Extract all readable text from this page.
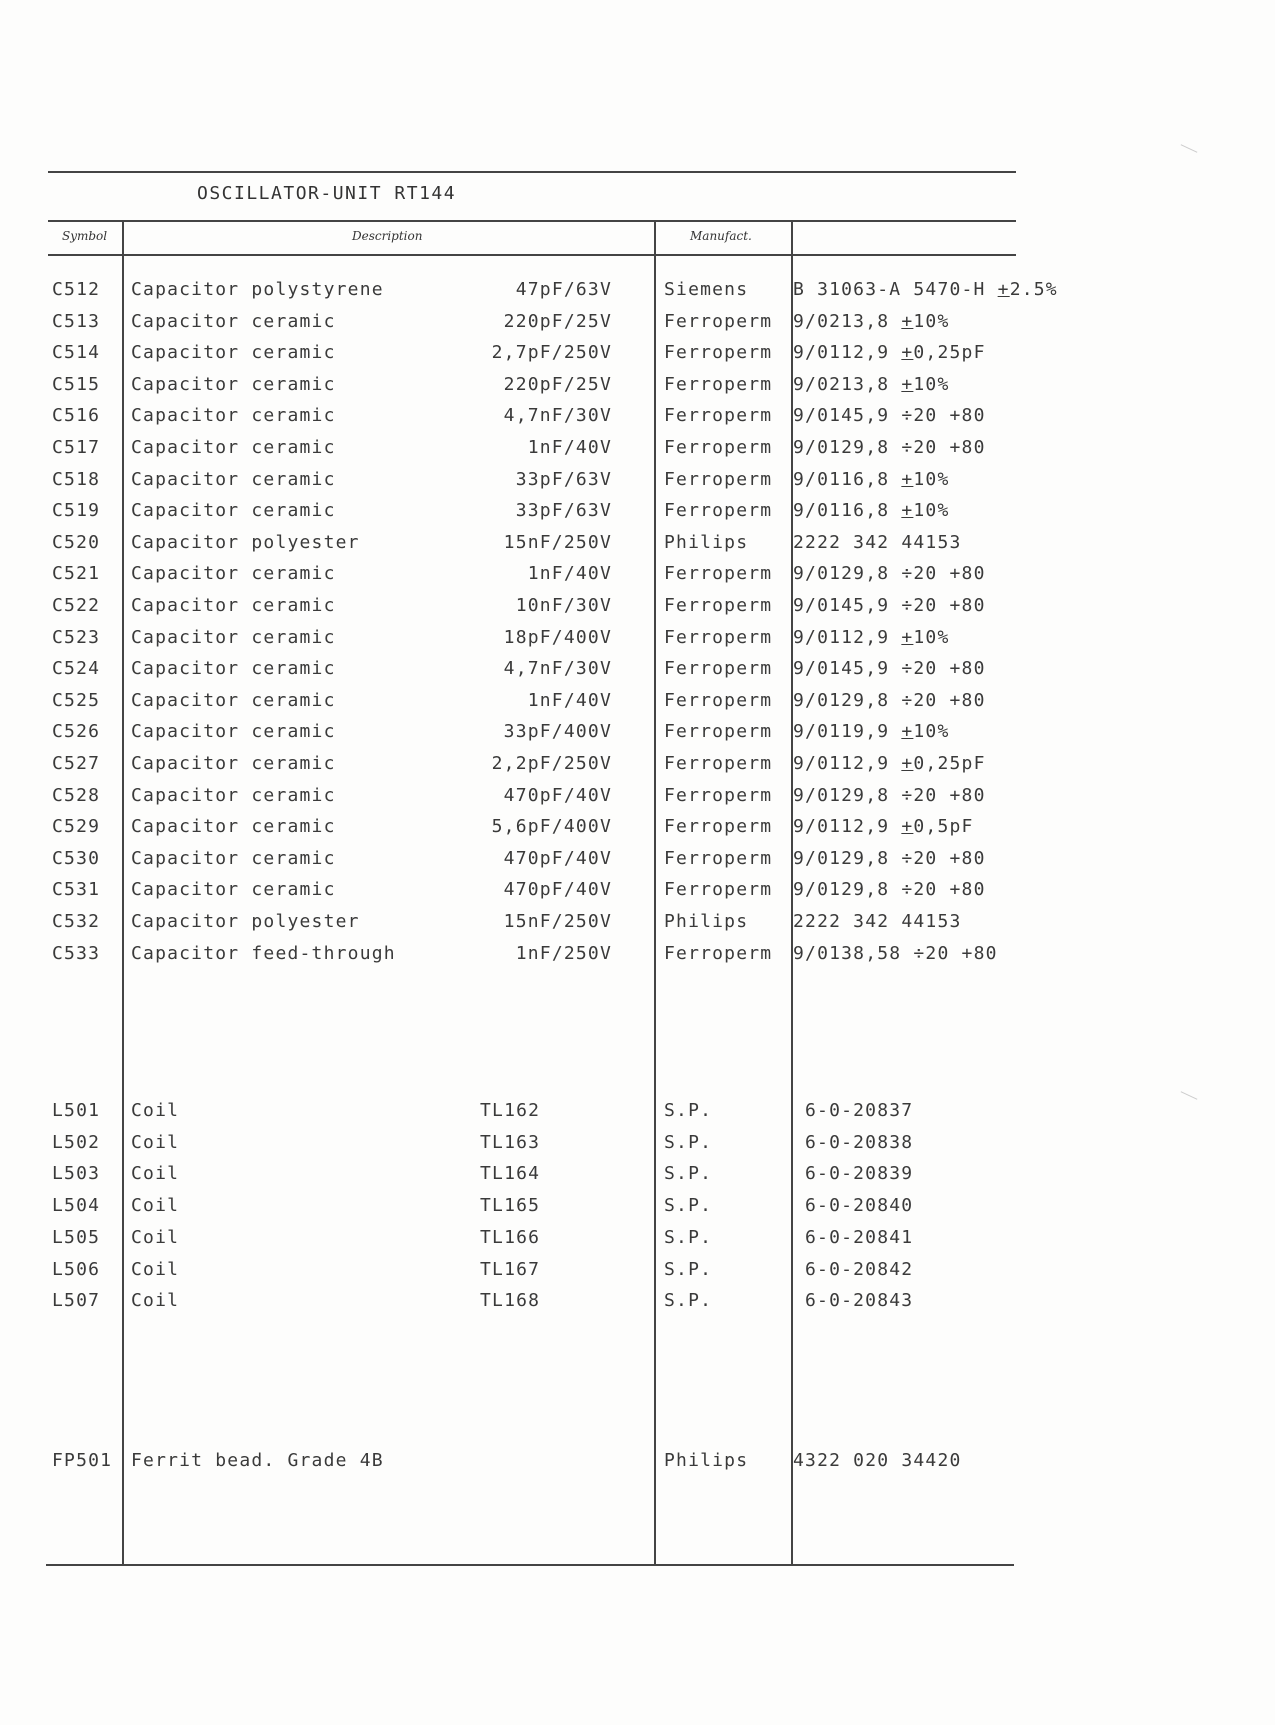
OSCILLATOR-UNIT RT144
Symbol	Description	Manufact.
C512 Capacitor polystyrene	47pF/63V	Siemens B 31063-A 5470-H +2.5%
C513 Capacitor ceramic	220pF/25V	Ferroperm 9/0213,8 +10%
C514 Capacitor ceramic	2,7pF/250V	Ferroperm 9/0112,9 +0,25pF
C515 Capacitor ceramic	220pF/25V	Ferroperm 9/0213,8 +10%
C516 Capacitor ceramic	4,7nF/30V	Ferroperm 9/0145,9 ÷20 +80
C517 Capacitor ceramic	1nF/40V	Ferroperm 9/0129,8 ÷20 +80
C518 Capacitor ceramic	33pF/63V	Ferroperm 9/0116,8 +10%
C519 Capacitor ceramic	33pF/63V	Ferroperm 9/0116,8 +10%
C520 Capacitor polyester	15nF/250V	Philips 2222 342 44153
C521 Capacitor ceramic	1nF/40V	Ferroperm 9/0129,8 ÷20 +80
C522 Capacitor ceramic	10nF/30V	Ferroperm 9/0145,9 ÷20 +80
C523 Capacitor ceramic	18pF/400V	Ferroperm 9/0112,9 +10%
C524 Capacitor ceramic	4,7nF/30V	Ferroperm 9/0145,9 ÷20 +80
C525 Capacitor ceramic	1nF/40V	Ferroperm 9/0129,8 ÷20 +80
C526 Capacitor ceramic	33pF/400V	Ferroperm 9/0119,9 +10%
C527 Capacitor ceramic	2,2pF/250V	Ferroperm 9/0112,9 +0,25pF
C528 Capacitor ceramic	470pF/40V	Ferroperm 9/0129,8 ÷20 +80
C529 Capacitor ceramic	5,6pF/400V	Ferroperm 9/0112,9 +0,5pF
C530 Capacitor ceramic	470pF/40V	Ferroperm 9/0129,8 ÷20 +80
C531 Capacitor ceramic	470pF/40V	Ferroperm 9/0129,8 ÷20 +80
C532 Capacitor polyester	15nF/250V	Philips 2222 342 44153
C533 Capacitor feed-through	1nF/250V	Ferroperm 9/0138,58 ÷20 +80
L501 Coil	TL162	S.P.	6-0-20837
L502 Coil	TL163	S.P.	6-0-20838
L503 Coil	TL164	S.P.	6-0-20839
L504 Coil	TL165	S.P.	6-0-20840
L505 Coil	TL166	S.P.	6-0-20841
L506 Coil	TL167	S.P.	6-0-20842
L507 Coil	TL168	S.P.	6-0-20843
FP501 Ferrit bead. Grade 4B	Philips 4322 020 34420
